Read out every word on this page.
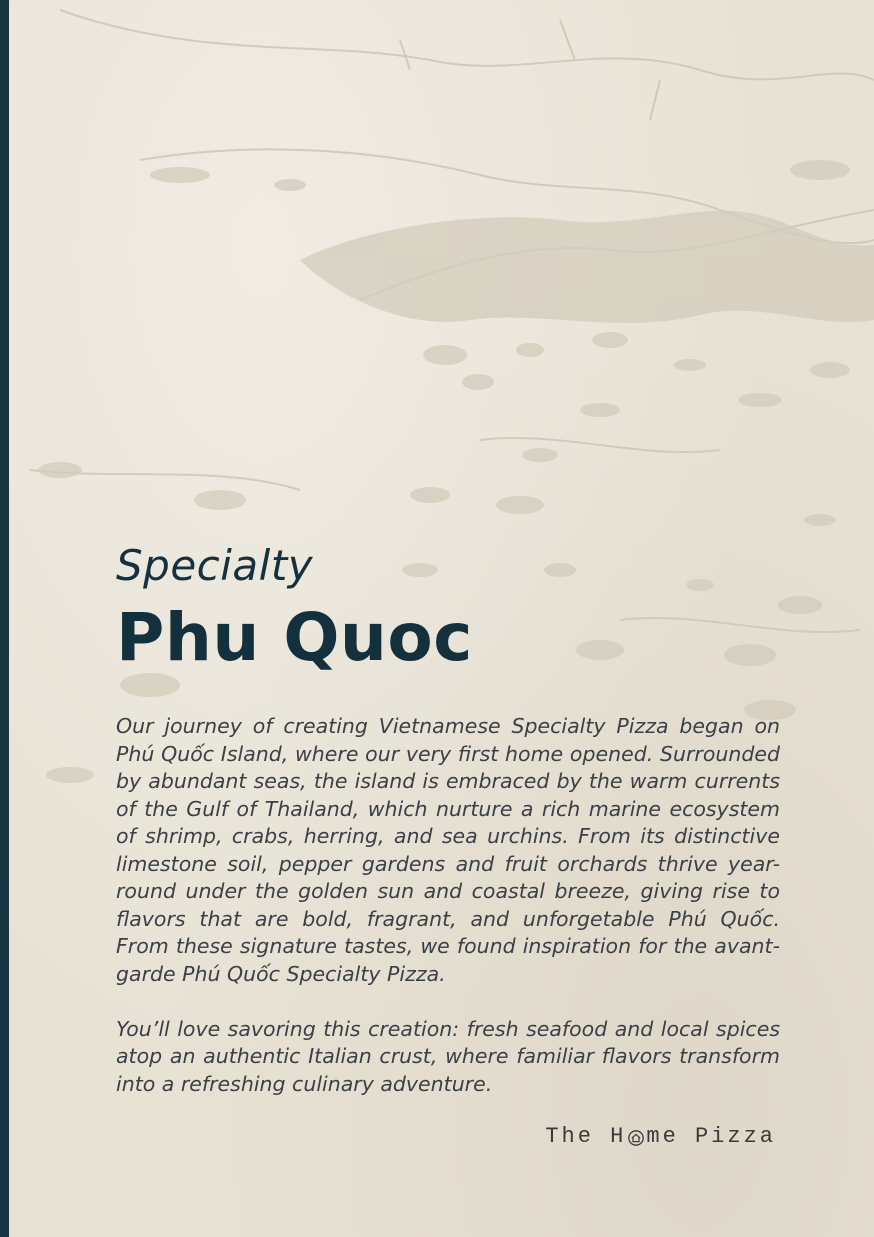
Specialty
Phu Quoc

Our journey of creating Vietnamese Specialty Pizza began on Phú Quốc Island, where our very first home opened. Surrounded by abundant seas, the island is embraced by the warm currents of the Gulf of Thailand, which nurture a rich marine ecosystem of shrimp, crabs, herring, and sea urchins. From its distinctive limestone soil, pepper gardens and fruit orchards thrive year-round under the golden sun and coastal breeze, giving rise to flavors that are bold, fragrant, and unforgetable Phú Quốc. From these signature tastes, we found inspiration for the avant-garde Phú Quốc Specialty Pizza.

You’ll love savoring this creation: fresh seafood and local spices atop an authentic Italian crust, where familiar flavors transform into a refreshing culinary adventure.

The H me Pizza
